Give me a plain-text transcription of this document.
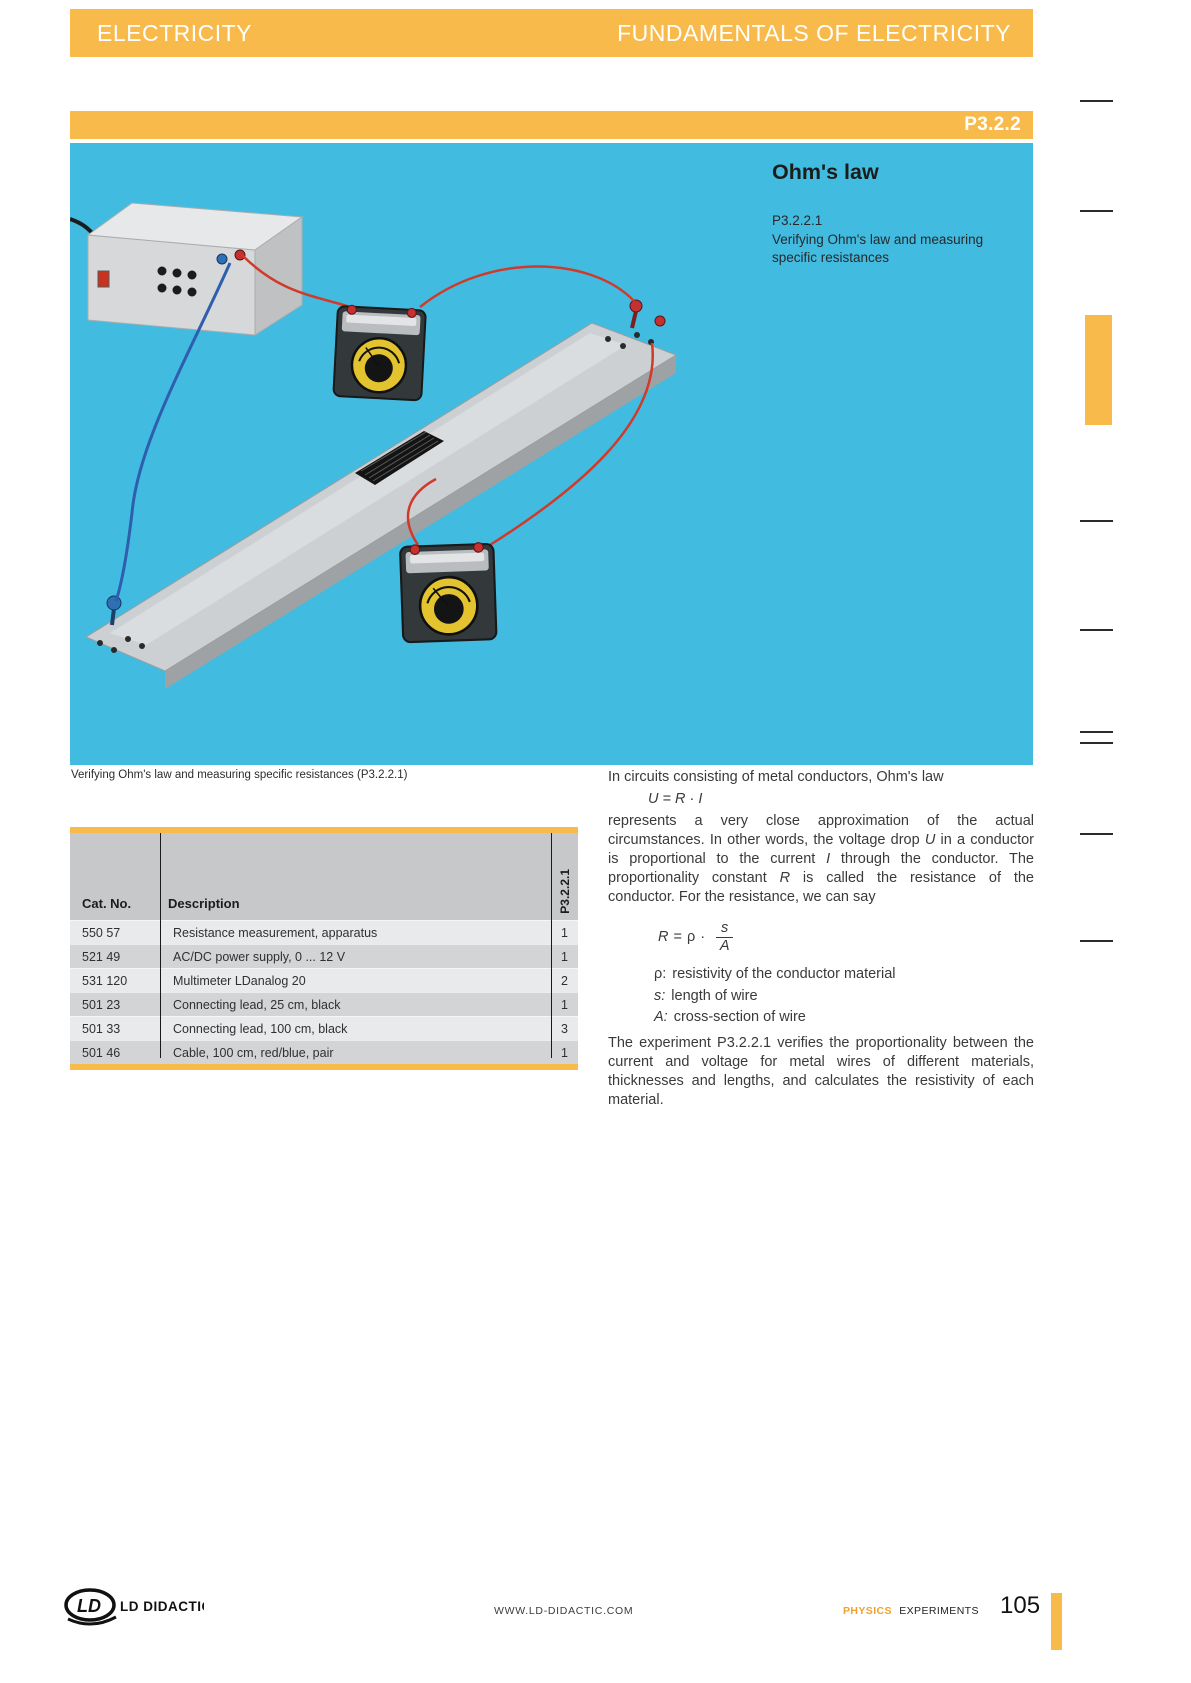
ELECTRICITY	FUNDAMENTALS OF ELECTRICITY
P3.2.2
Ohm's law
P3.2.2.1
Verifying Ohm's law and measuring
specific resistances
Verifying Ohm's law and measuring specific resistances (P3.2.2.1)
Cat. No.	Description	P3.2.2.1
550 57	Resistance measurement, apparatus	1
521 49	AC/DC power supply, 0 ... 12 V	1
531 120	Multimeter LDanalog 20	2
501 23	Connecting lead, 25 cm, black	1
501 33	Connecting lead, 100 cm, black	3
501 46	Cable, 100 cm, red/blue, pair	1

In circuits consisting of metal conductors, Ohm's law

U = R · I

represents a very close approximation of the actual circumstances. In other words, the voltage drop U in a conductor is proportional to the current I through the conductor. The proportionality constant R is called the resistance of the conductor. For the resistance, we can say

$R = \rho \cdot \frac{s}{A}$
ρ: resistivity of the conductor material
s: length of wire
A: cross-section of wire

The experiment P3.2.2.1 verifies the proportionality between the current and voltage for metal wires of different materials, thicknesses and lengths, and calculates the resistivity of each material.

LD LD DIDACTIC	WWW.LD-DIDACTIC.COM	PHYSICS EXPERIMENTS 105
